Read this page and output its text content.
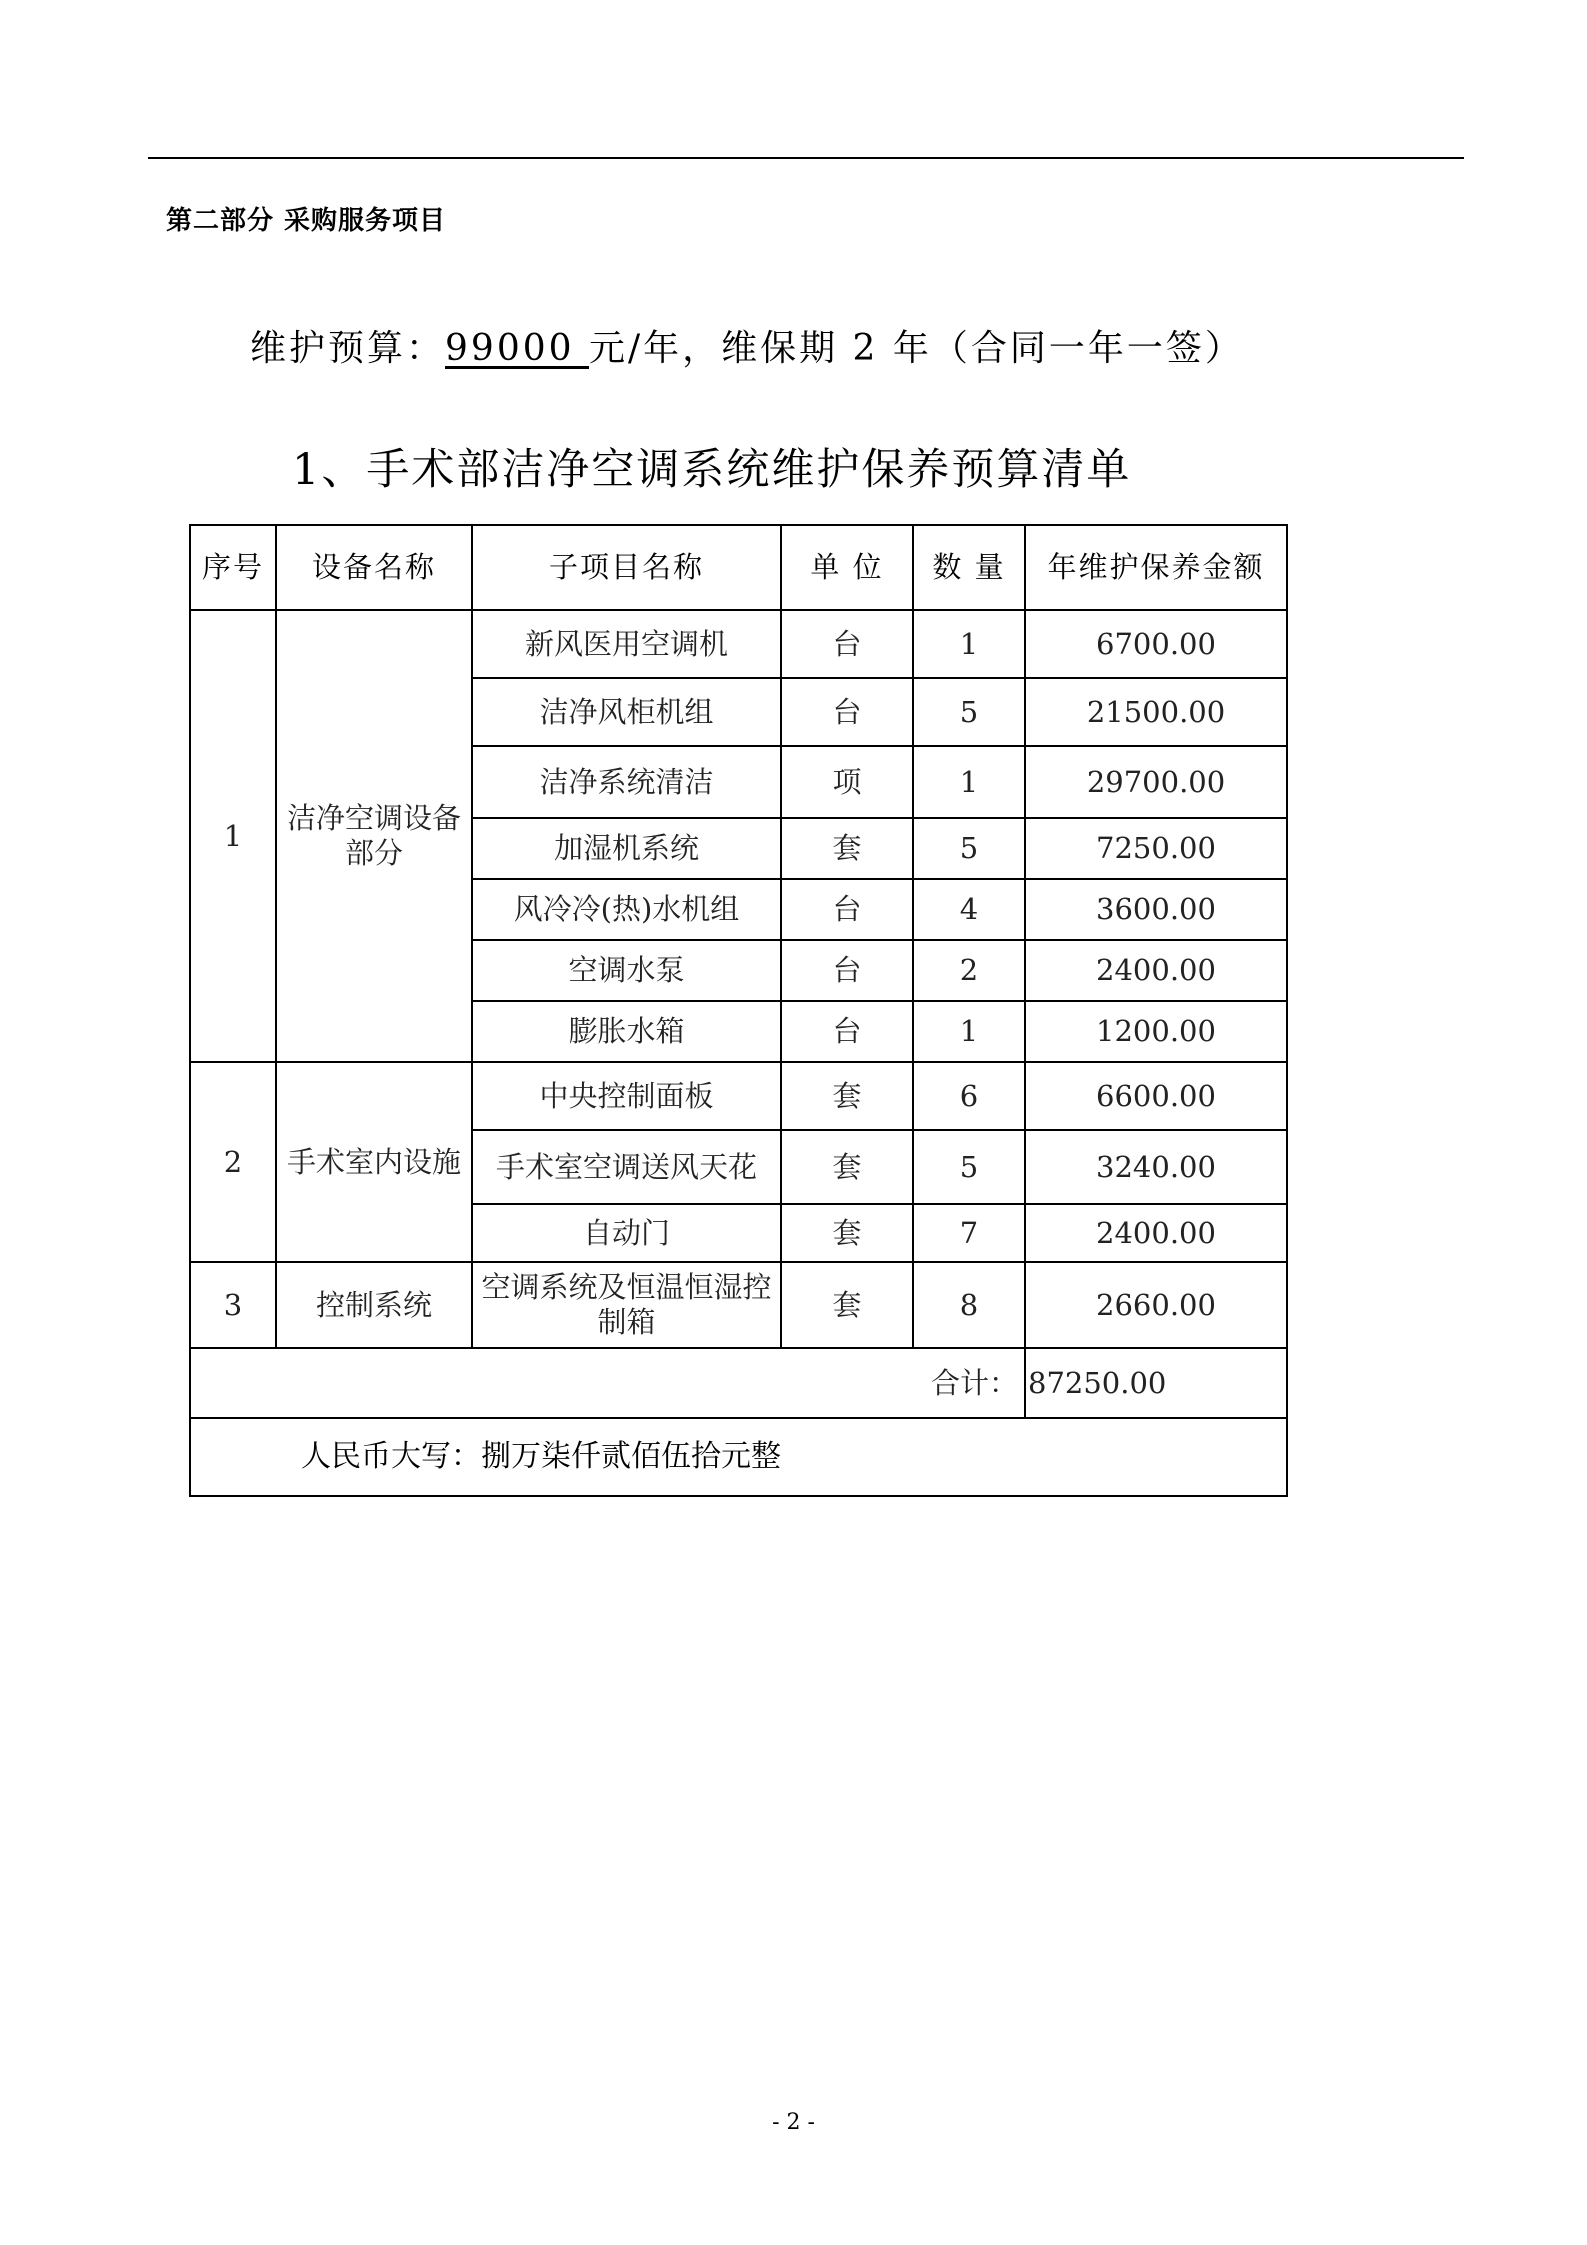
第二部分 采购服务项目
维护预算：99000 元/年，维保期 2 年（合同一年一签）
1、手术部洁净空调系统维护保养预算清单
序号	设备名称	子项目名称	单 位	数 量	年维护保养金额
1	洁净空调设备部分	新风医用空调机	台	1	6700.00
		洁净风柜机组	台	5	21500.00
		洁净系统清洁	项	1	29700.00
		加湿机系统	套	5	7250.00
		风冷冷(热)水机组	台	4	3600.00
		空调水泵	台	2	2400.00
		膨胀水箱	台	1	1200.00
2	手术室内设施	中央控制面板	套	6	6600.00
		手术室空调送风天花	套	5	3240.00
		自动门	套	7	2400.00
3	控制系统	空调系统及恒温恒湿控制箱	套	8	2660.00
合计：					87250.00
人民币大写：捌万柒仟贰佰伍拾元整					
- 2 -
